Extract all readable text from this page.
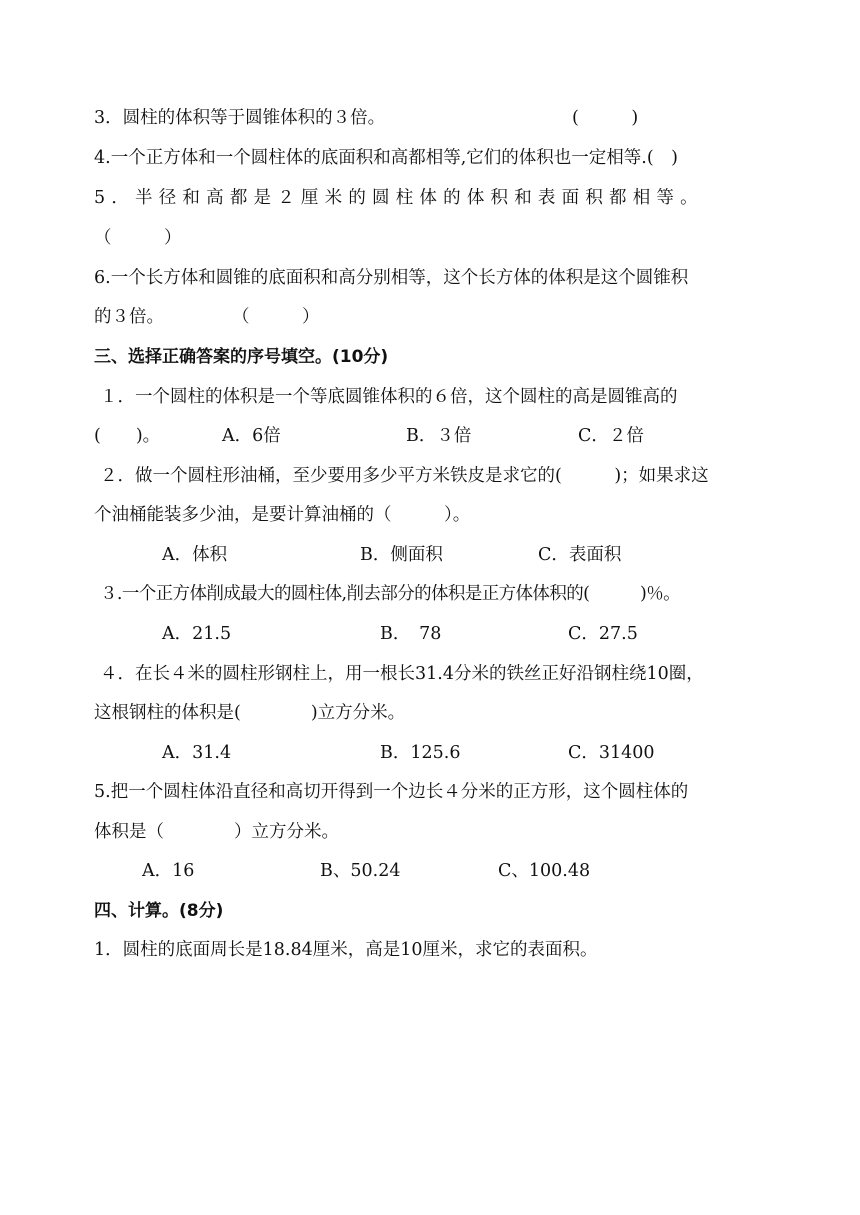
3．圆柱的体积等于圆锥体积的３倍。	(　　　)
4.一个正方体和一个圆柱体的底面积和高都相等,它们的体积也一定相等.(　)
5．半径和高都是２厘米的圆柱体的体积和表面积都相等。
（　　　）
6.一个长方体和圆锥的底面积和高分别相等，这个长方体的体积是这个圆锥积
的３倍。	（　　　）
三、选择正确答案的序号填空。(10分)
１．一个圆柱的体积是一个等底圆锥体积的６倍，这个圆柱的高是圆锥高的
(　　)。	A．6倍	B．３倍	C．２倍
２．做一个圆柱形油桶，至少要用多少平方米铁皮是求它的(　　　)；如果求这
个油桶能装多少油，是要计算油桶的（　　　）。
A．体积	B．侧面积	C．表面积
３.一个正方体削成最大的圆柱体,削去部分的体积是正方体体积的(　　　)％。
A．21.5	B．　78	C．27.5
４．在长４米的圆柱形钢柱上，用一根长31.4分米的铁丝正好沿钢柱绕10圈，
这根钢柱的体积是(　　　　)立方分米。
A．31.4	B．125.6	C．31400
5.把一个圆柱体沿直径和高切开得到一个边长４分米的正方形，这个圆柱体的
体积是（　　　　）立方分米。
A．16	B、50.24	C、100.48
四、计算。(8分)
1．圆柱的底面周长是18.84厘米，高是10厘米，求它的表面积。
